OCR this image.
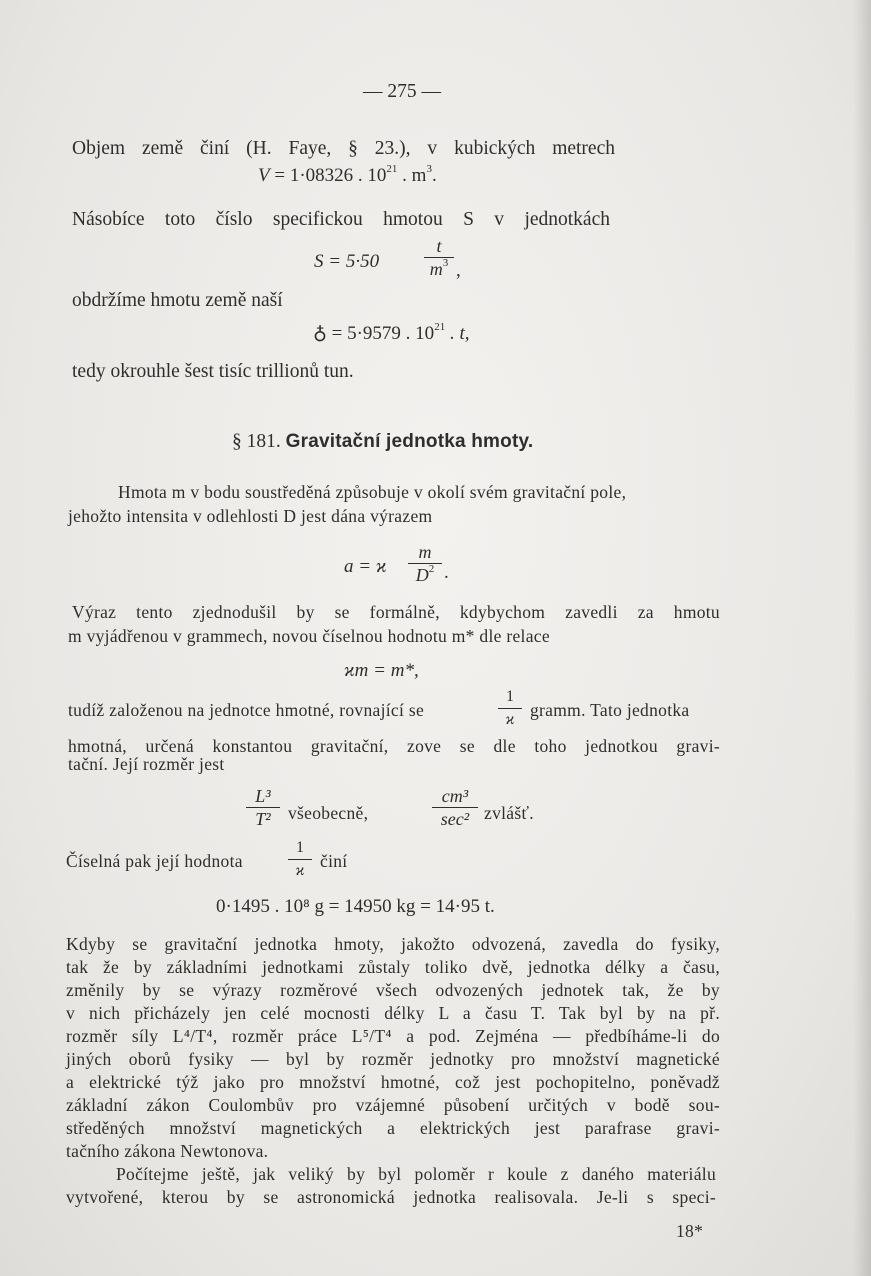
— 275 —
Objem země činí (H. Faye, § 23.), v kubických metrech
V = 1·08326 . $10^{21}$ . $m^3$.
Násobíce toto číslo specifickou hmotou S v jednotkách
$S = 5\cdot 50 \frac{t}{m^3}$ ,
obdržíme hmotu země naší
♁ = 5·9579 . $10^{21}$ . t,
tedy okrouhle šest tisíc trillionů tun.
§ 181. Gravitační jednotka hmoty.
Hmota m v bodu soustředěná způsobuje v okolí svém gravitační pole,
jehožto intensita v odlehlosti D jest dána výrazem
a = ϰ $\frac{m}{D^2}$ .
Výraz tento zjednodušil by se formálně, kdybychom zavedli za hmotu
m vyjádřenou v grammech, novou číselnou hodnotu m* dle relace
ϰm = m*,
tudíž založenou na jednotce hmotné, rovnající se	$\frac{1}{ϰ}$ gramm. Tato jednotka
hmotná, určená konstantou gravitační, zove se dle toho jednotkou gravi-
tační. Její rozměr jest
$\frac{\text{L³}}{\text{T²}}$ všeobecně,
cm³
sec² zvlášť.
Číselná pak její hodnota	$\frac{1}{ϰ}$ činí
0·1495 . 10⁸ g = 14950 kg = 14·95 t.
Kdyby se gravitační jednotka hmoty, jakožto odvozená, zavedla do fysiky,
tak že by základními jednotkami zůstaly toliko dvě, jednotka délky a času,
změnily by se výrazy rozměrové všech odvozených jednotek tak, že by
v nich přicházely jen celé mocnosti délky L a času T. Tak byl by na př.
rozměr síly L⁴/T⁴, rozměr práce L⁵/T⁴ a pod. Zejména — předbíháme-li do
jiných oborů fysiky — byl by rozměr jednotky pro množství magnetické
a elektrické týž jako pro množství hmotné, což jest pochopitelno, poněvadž
základní zákon Coulombův pro vzájemné působení určitých v bodě sou-
středěných množství magnetických a elektrických jest parafrase gravi-
tačního zákona Newtonova.
Počítejme ještě, jak veliký by byl poloměr r koule z daného materiálu
vytvořené, kterou by se astronomická jednotka realisovala. Je-li s speci-
18*
